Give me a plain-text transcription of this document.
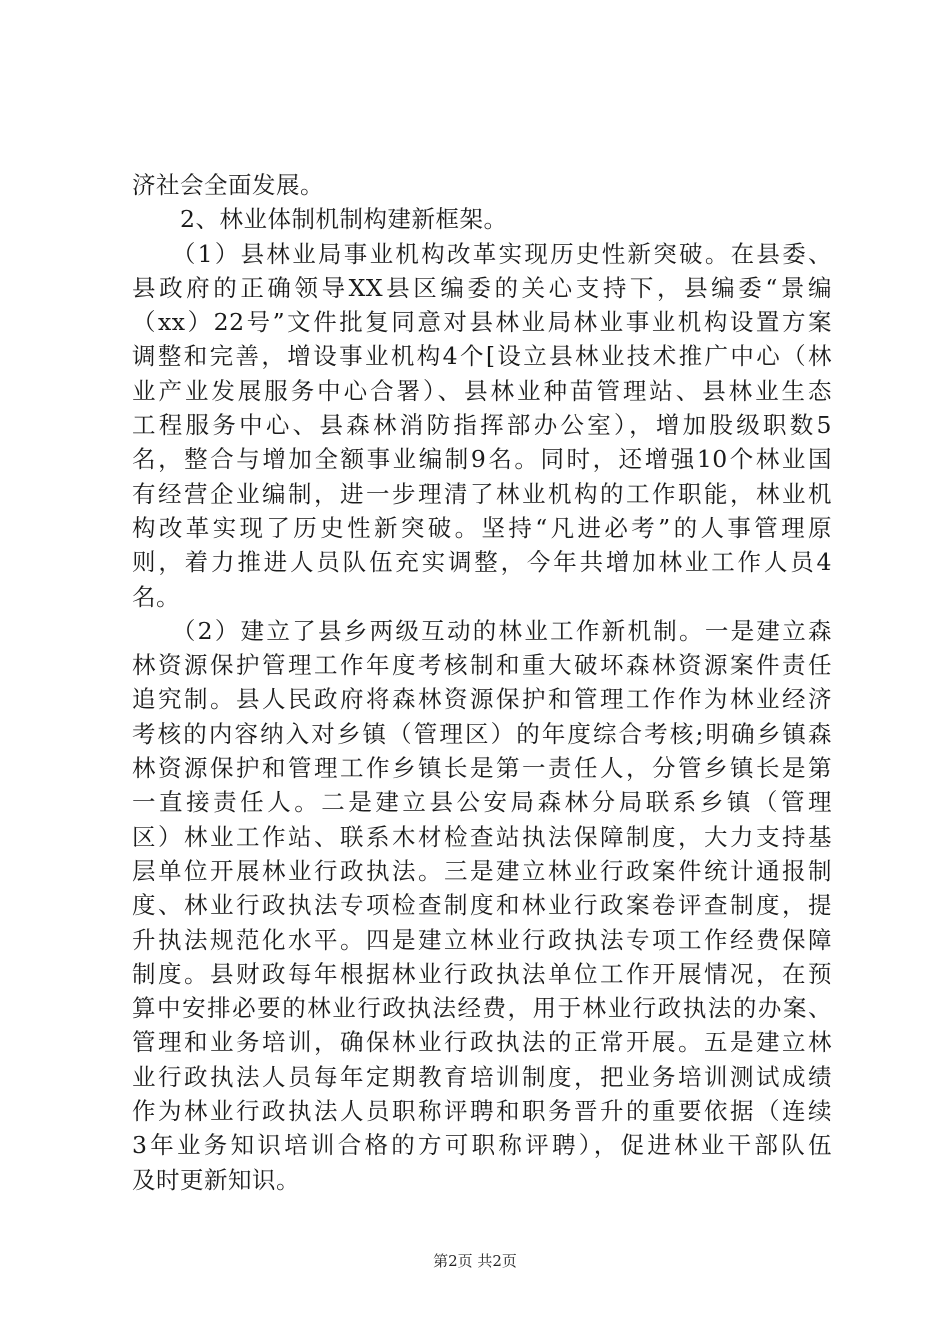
济社会全面发展。
　　2、林业体制机制构建新框架。
　　（1）县林业局事业机构改革实现历史性新突破。在县委、
县政府的正确领导XX县区编委的关心支持下，县编委“景编
（xx）22号”文件批复同意对县林业局林业事业机构设置方案
调整和完善，增设事业机构4个[设立县林业技术推广中心（林
业产业发展服务中心合署）、县林业种苗管理站、县林业生态
工程服务中心、县森林消防指挥部办公室），增加股级职数5
名，整合与增加全额事业编制9名。同时，还增强10个林业国
有经营企业编制，进一步理清了林业机构的工作职能，林业机
构改革实现了历史性新突破。坚持“凡进必考”的人事管理原
则，着力推进人员队伍充实调整，今年共增加林业工作人员4
名。
　　（2）建立了县乡两级互动的林业工作新机制。一是建立森
林资源保护管理工作年度考核制和重大破坏森林资源案件责任
追究制。县人民政府将森林资源保护和管理工作作为林业经济
考核的内容纳入对乡镇（管理区）的年度综合考核;明确乡镇森
林资源保护和管理工作乡镇长是第一责任人，分管乡镇长是第
一直接责任人。二是建立县公安局森林分局联系乡镇（管理
区）林业工作站、联系木材检查站执法保障制度，大力支持基
层单位开展林业行政执法。三是建立林业行政案件统计通报制
度、林业行政执法专项检查制度和林业行政案卷评查制度，提
升执法规范化水平。四是建立林业行政执法专项工作经费保障
制度。县财政每年根据林业行政执法单位工作开展情况，在预
算中安排必要的林业行政执法经费，用于林业行政执法的办案、
管理和业务培训，确保林业行政执法的正常开展。五是建立林
业行政执法人员每年定期教育培训制度，把业务培训测试成绩
作为林业行政执法人员职称评聘和职务晋升的重要依据（连续
3年业务知识培训合格的方可职称评聘），促进林业干部队伍
及时更新知识。
第2页 共2页
